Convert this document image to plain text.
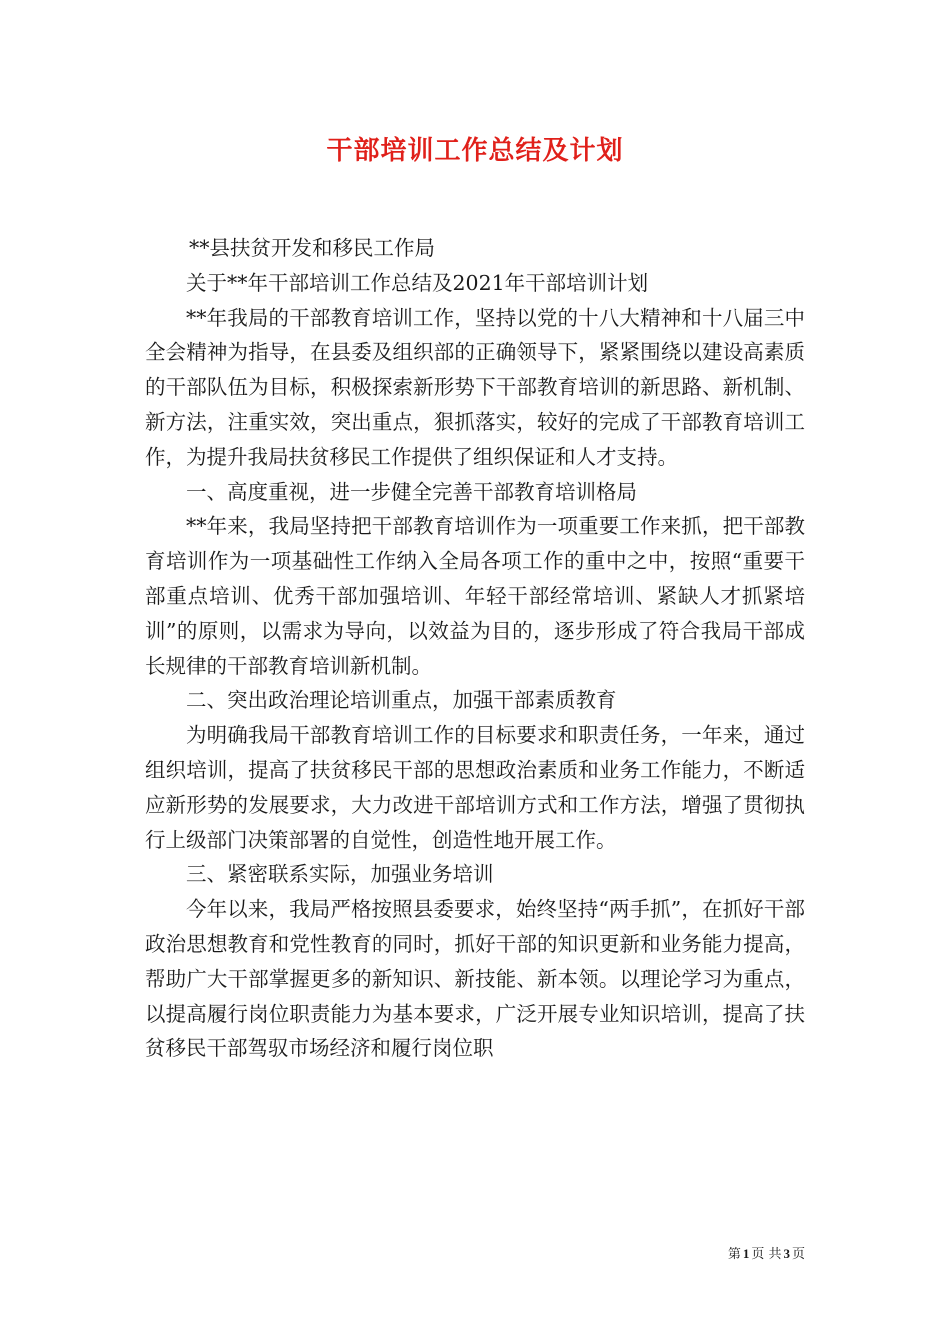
干部培训工作总结及计划

**县扶贫开发和移民工作局

关于**年干部培训工作总结及2021年干部培训计划

**年我局的干部教育培训工作，坚持以党的十八大精神和十八届三中全会精神为指导，在县委及组织部的正确领导下，紧紧围绕以建设高素质的干部队伍为目标，积极探索新形势下干部教育培训的新思路、新机制、新方法，注重实效，突出重点，狠抓落实，较好的完成了干部教育培训工作，为提升我局扶贫移民工作提供了组织保证和人才支持。

一、高度重视，进一步健全完善干部教育培训格局

**年来，我局坚持把干部教育培训作为一项重要工作来抓，把干部教育培训作为一项基础性工作纳入全局各项工作的重中之中，按照“重要干部重点培训、优秀干部加强培训、年轻干部经常培训、紧缺人才抓紧培训”的原则，以需求为导向，以效益为目的，逐步形成了符合我局干部成长规律的干部教育培训新机制。

二、突出政治理论培训重点，加强干部素质教育

为明确我局干部教育培训工作的目标要求和职责任务，一年来，通过组织培训，提高了扶贫移民干部的思想政治素质和业务工作能力，不断适应新形势的发展要求，大力改进干部培训方式和工作方法，增强了贯彻执行上级部门决策部署的自觉性，创造性地开展工作。

三、紧密联系实际，加强业务培训

今年以来，我局严格按照县委要求，始终坚持“两手抓”，在抓好干部政治思想教育和党性教育的同时，抓好干部的知识更新和业务能力提高，帮助广大干部掌握更多的新知识、新技能、新本领。以理论学习为重点，以提高履行岗位职责能力为基本要求，广泛开展专业知识培训，提高了扶贫移民干部驾驭市场经济和履行岗位职

第 1 页 共 3 页
